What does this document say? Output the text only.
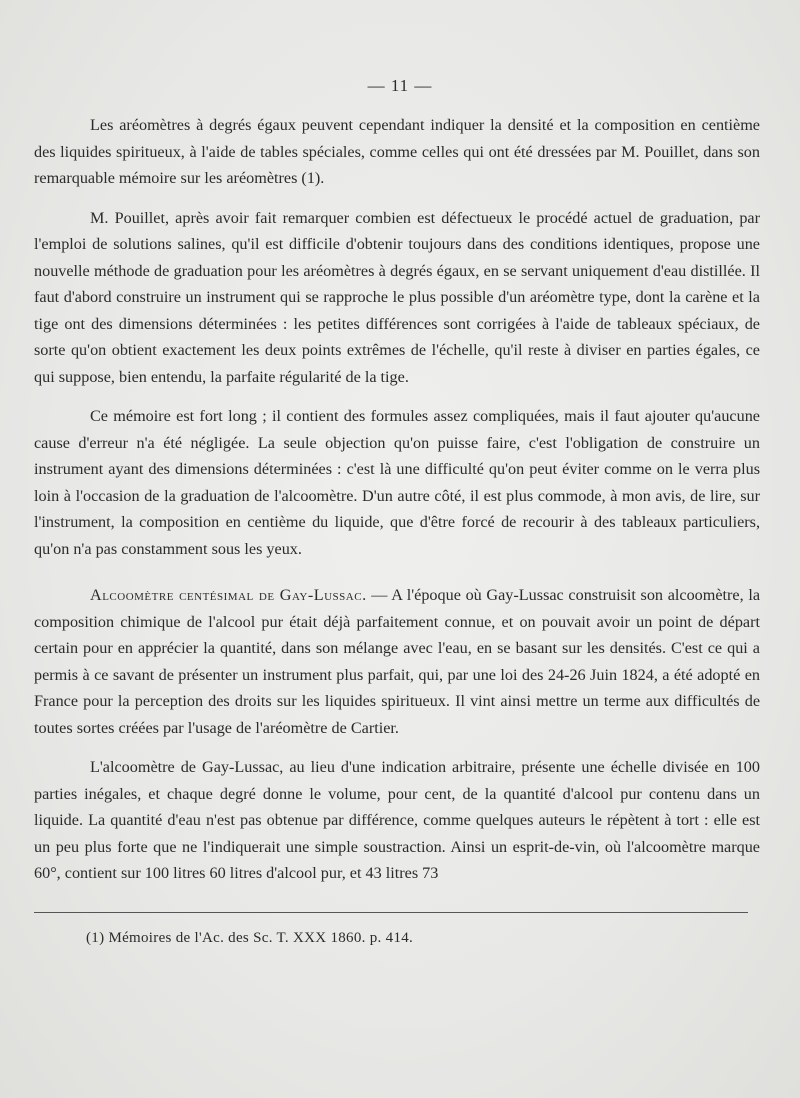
— 11 —

Les aréomètres à degrés égaux peuvent cependant indiquer la densité et la composition en centième des liquides spiritueux, à l'aide de tables spéciales, comme celles qui ont été dressées par M. Pouillet, dans son remarquable mémoire sur les aréomètres (1).

M. Pouillet, après avoir fait remarquer combien est défectueux le procédé actuel de graduation, par l'emploi de solutions salines, qu'il est difficile d'obtenir toujours dans des conditions identiques, propose une nouvelle méthode de graduation pour les aréomètres à degrés égaux, en se servant uniquement d'eau distillée. Il faut d'abord construire un instrument qui se rapproche le plus possible d'un aréomètre type, dont la carène et la tige ont des dimensions déterminées : les petites différences sont corrigées à l'aide de tableaux spéciaux, de sorte qu'on obtient exactement les deux points extrêmes de l'échelle, qu'il reste à diviser en parties égales, ce qui suppose, bien entendu, la parfaite régularité de la tige.

Ce mémoire est fort long ; il contient des formules assez compliquées, mais il faut ajouter qu'aucune cause d'erreur n'a été négligée. La seule objection qu'on puisse faire, c'est l'obligation de construire un instrument ayant des dimensions déterminées : c'est là une difficulté qu'on peut éviter comme on le verra plus loin à l'occasion de la graduation de l'alcoomètre. D'un autre côté, il est plus commode, à mon avis, de lire, sur l'instrument, la composition en centième du liquide, que d'être forcé de recourir à des tableaux particuliers, qu'on n'a pas constamment sous les yeux.

Alcoomètre centésimal de Gay-Lussac. — A l'époque où Gay-Lussac construisit son alcoomètre, la composition chimique de l'alcool pur était déjà parfaitement connue, et on pouvait avoir un point de départ certain pour en apprécier la quantité, dans son mélange avec l'eau, en se basant sur les densités. C'est ce qui a permis à ce savant de présenter un instrument plus parfait, qui, par une loi des 24-26 Juin 1824, a été adopté en France pour la perception des droits sur les liquides spiritueux. Il vint ainsi mettre un terme aux difficultés de toutes sortes créées par l'usage de l'aréomètre de Cartier.

L'alcoomètre de Gay-Lussac, au lieu d'une indication arbitraire, présente une échelle divisée en 100 parties inégales, et chaque degré donne le volume, pour cent, de la quantité d'alcool pur contenu dans un liquide. La quantité d'eau n'est pas obtenue par différence, comme quelques auteurs le répètent à tort : elle est un peu plus forte que ne l'indiquerait une simple soustraction. Ainsi un esprit-de-vin, où l'alcoomètre marque 60°, contient sur 100 litres 60 litres d'alcool pur, et 43 litres 73

(1) Mémoires de l'Ac. des Sc. T. XXX 1860. p. 414.
